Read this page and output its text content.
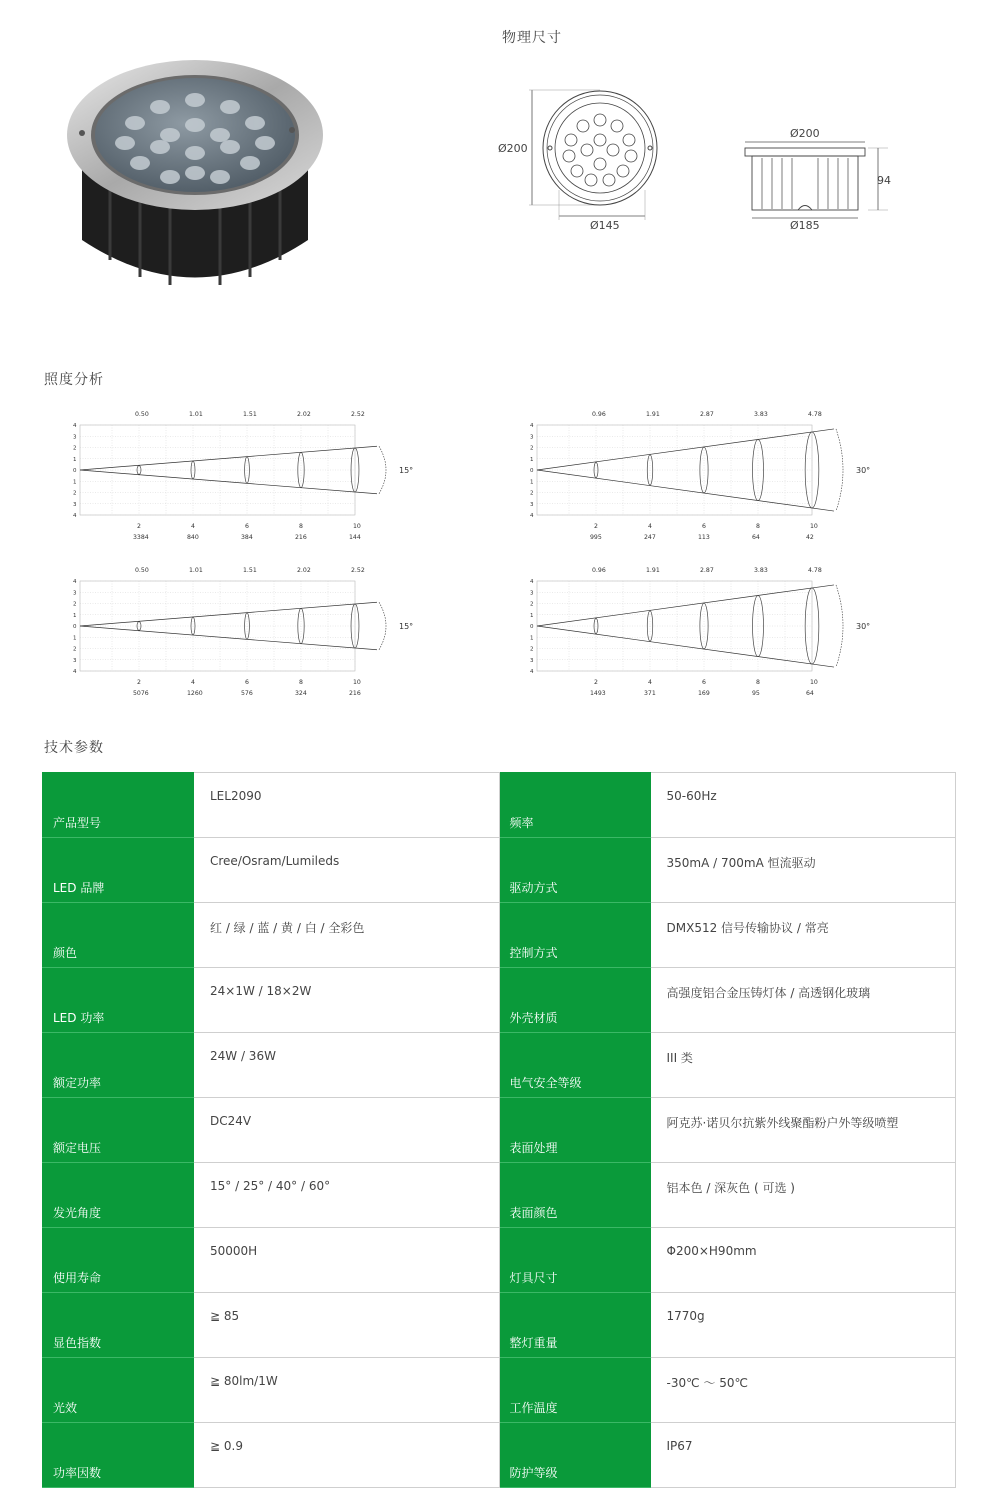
物理尺寸
Ø200
Ø145
Ø200
94
Ø185
照度分析
4
3
2
1
0
1
2
3
4
15°
0.50
2
3384
1.01
4
840
1.51
6
384
2.02
8
216
2.52
10
144
4
3
2
1
0
1
2
3
4
30°
0.96
2
995
1.91
4
247
2.87
6
113
3.83
8
64
4.78
10
42
4
3
2
1
0
1
2
3
4
15°
0.50
2
5076
1.01
4
1260
1.51
6
576
2.02
8
324
2.52
10
216
4
3
2
1
0
1
2
3
4
30°
0.96
2
1493
1.91
4
371
2.87
6
169
3.83
8
95
4.78
10
64
技术参数
产品型号	LEL2090	频率	50-60Hz
LED 品牌	Cree/Osram/Lumileds	驱动方式	350mA / 700mA 恒流驱动
颜色	红 / 绿 / 蓝 / 黄 / 白 / 全彩色	控制方式	DMX512 信号传输协议 / 常亮
LED 功率	24×1W / 18×2W	外壳材质	高强度铝合金压铸灯体 / 高透钢化玻璃
额定功率	24W / 36W	电气安全等级	III 类
额定电压	DC24V	表面处理	阿克苏·诺贝尔抗紫外线聚酯粉户外等级喷塑
发光角度	15° / 25° / 40° / 60°	表面颜色	铝本色 / 深灰色 ( 可选 )
使用寿命	50000H	灯具尺寸	Φ200×H90mm
显色指数	≧ 85	整灯重量	1770g
光效	≧ 80lm/1W	工作温度	-30℃ ～ 50℃
功率因数	≧ 0.9	防护等级	IP67
